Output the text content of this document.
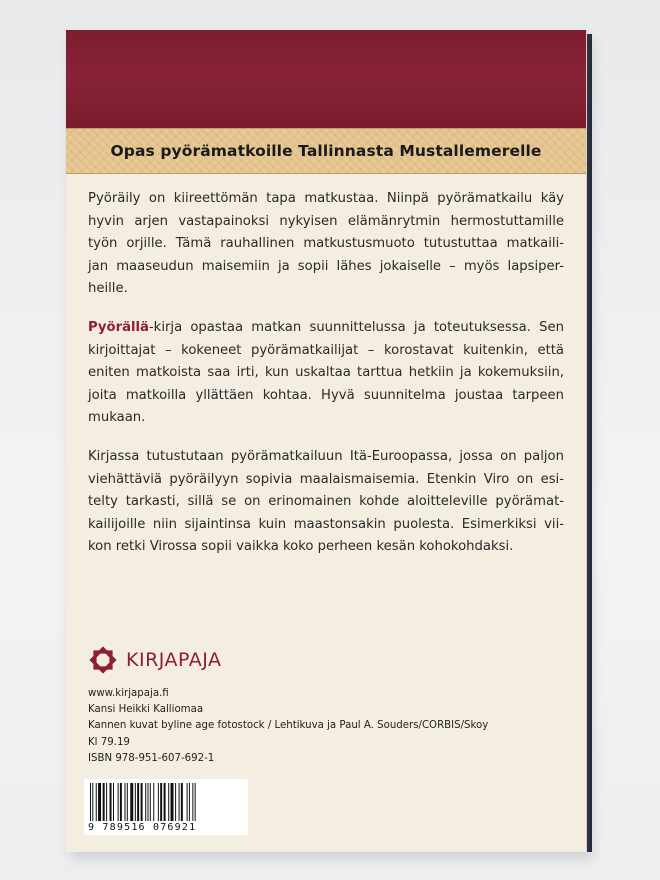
Opas pyörämatkoille Tallinnasta Mustallemerelle
Pyöräily on kiireettömän tapa matkustaa. Niinpä pyörämatkailu käy
hyvin arjen vastapainoksi nykyisen elämänrytmin hermostuttamille
työn orjille. Tämä rauhallinen matkustusmuoto tutustuttaa matkaili-
jan maaseudun maisemiin ja sopii lähes jokaiselle – myös lapsiper-
heille.
Pyörällä-kirja opastaa matkan suunnittelussa ja toteutuksessa. Sen
kirjoittajat – kokeneet pyörämatkailijat – korostavat kuitenkin, että
eniten matkoista saa irti, kun uskaltaa tarttua hetkiin ja kokemuksiin,
joita matkoilla yllättäen kohtaa. Hyvä suunnitelma joustaa tarpeen
mukaan.
Kirjassa tutustutaan pyörämatkailuun Itä-Euroopassa, jossa on paljon
viehättäviä pyöräilyyn sopivia maalaismaisemia. Etenkin Viro on esi-
telty tarkasti, sillä se on erinomainen kohde aloitteleville pyörämat-
kailijoille niin sijaintinsa kuin maastonsakin puolesta. Esimerkiksi vii-
kon retki Virossa sopii vaikka koko perheen kesän kohokohdaksi.
KIRJAPAJA
www.kirjapaja.fi
Kansi Heikki Kalliomaa
Kannen kuvat byline age fotostock / Lehtikuva ja Paul A. Souders/CORBIS/Skoy
Kl 79.19
ISBN 978-951-607-692-1
9 789516 076921
